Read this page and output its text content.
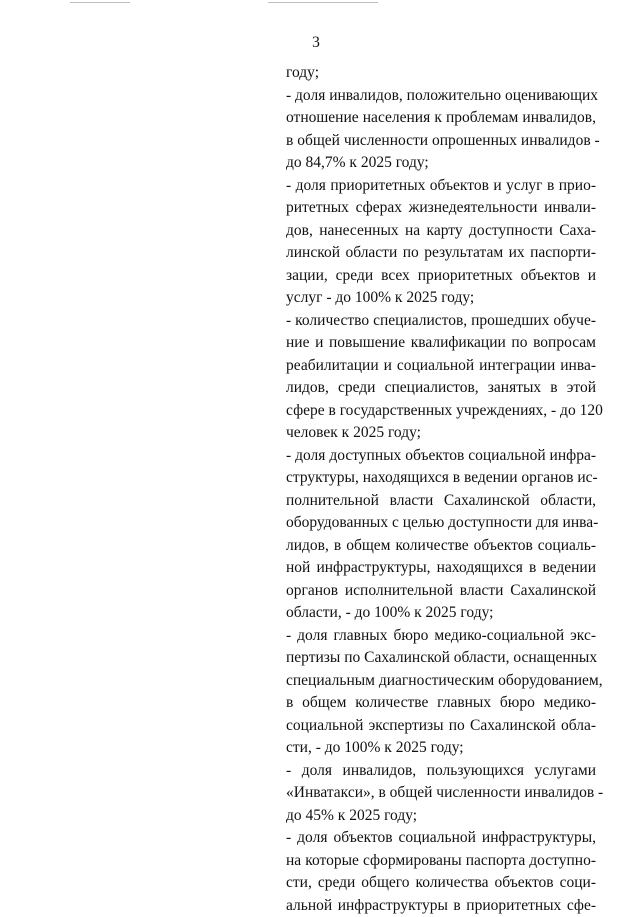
3
году;
- доля инвалидов, положительно оценивающих
отношение населения к проблемам инвалидов,
в общей численности опрошенных инвалидов -
до 84,7% к 2025 году;
- доля приоритетных объектов и услуг в прио-
ритетных сферах жизнедеятельности инвали-
дов, нанесенных на карту доступности Саха-
линской области по результатам их паспорти-
зации, среди всех приоритетных объектов и
услуг - до 100% к 2025 году;
- количество специалистов, прошедших обуче-
ние и повышение квалификации по вопросам
реабилитации и социальной интеграции инва-
лидов, среди специалистов, занятых в этой
сфере в государственных учреждениях, - до 120
человек к 2025 году;
- доля доступных объектов социальной инфра-
структуры, находящихся в ведении органов ис-
полнительной власти Сахалинской области,
оборудованных с целью доступности для инва-
лидов, в общем количестве объектов социаль-
ной инфраструктуры, находящихся в ведении
органов исполнительной власти Сахалинской
области, - до 100% к 2025 году;
- доля главных бюро медико-социальной экс-
пертизы по Сахалинской области, оснащенных
специальным диагностическим оборудованием,
в общем количестве главных бюро медико-
социальной экспертизы по Сахалинской обла-
сти, - до 100% к 2025 году;
- доля инвалидов, пользующихся услугами
«Инватакси», в общей численности инвалидов -
до 45% к 2025 году;
- доля объектов социальной инфраструктуры,
на которые сформированы паспорта доступно-
сти, среди общего количества объектов соци-
альной инфраструктуры в приоритетных сфе-
